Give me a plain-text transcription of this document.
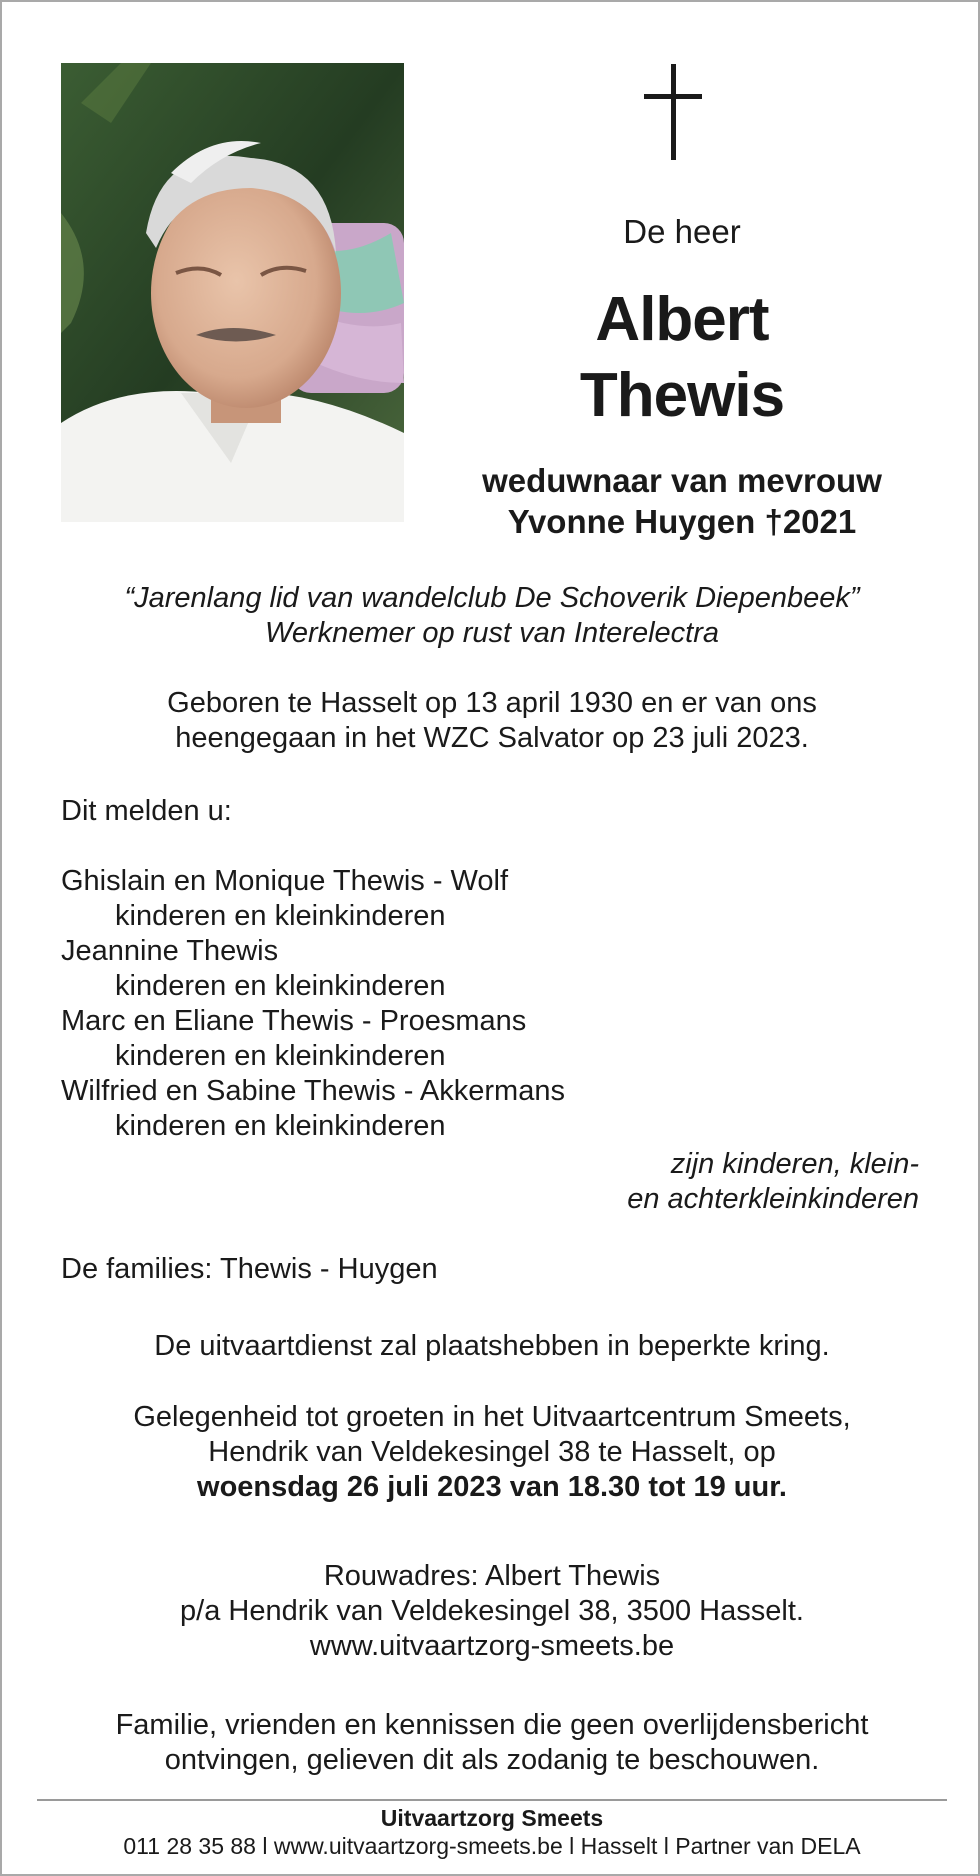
De heer
Albert
Thewis
weduwnaar van mevrouw
Yvonne Huygen †2021
“Jarenlang lid van wandelclub De Schoverik Diepenbeek”
Werknemer op rust van Interelectra
Geboren te Hasselt op 13 april 1930 en er van ons
heengegaan in het WZC Salvator op 23 juli 2023.
Dit melden u:
Ghislain en Monique Thewis - Wolf
kinderen en kleinkinderen
Jeannine Thewis
kinderen en kleinkinderen
Marc en Eliane Thewis - Proesmans
kinderen en kleinkinderen
Wilfried en Sabine Thewis - Akkermans
kinderen en kleinkinderen
zijn kinderen, klein-
en achterkleinkinderen
De families: Thewis - Huygen
De uitvaartdienst zal plaatshebben in beperkte kring.
Gelegenheid tot groeten in het Uitvaartcentrum Smeets,
Hendrik van Veldekesingel 38 te Hasselt, op
woensdag 26 juli 2023 van 18.30 tot 19 uur.
Rouwadres: Albert Thewis
p/a Hendrik van Veldekesingel 38, 3500 Hasselt.
www.uitvaartzorg-smeets.be
Familie, vrienden en kennissen die geen overlijdensbericht
ontvingen, gelieven dit als zodanig te beschouwen.
Uitvaartzorg Smeets
011 28 35 88 l www.uitvaartzorg-smeets.be l Hasselt l Partner van DELA
